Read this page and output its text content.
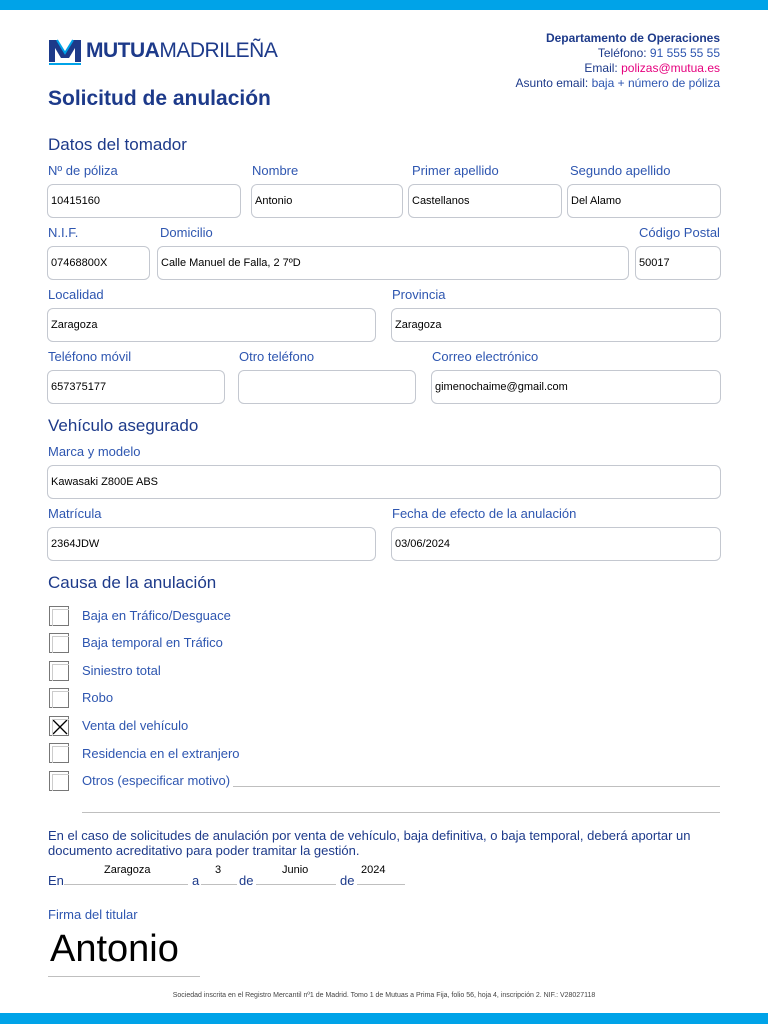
MUTUAMADRILEÑA
Departamento de Operaciones
Teléfono: 91 555 55 55
Email: polizas@mutua.es
Asunto email: baja + número de póliza
Solicitud de anulación
Datos del tomador
Nº de póliza
10415160
Nombre
Antonio
Primer apellido
Castellanos
Segundo apellido
Del Alamo
N.I.F.
07468800X
Domicilio
Calle Manuel de Falla, 2 7ºD
Código Postal
50017
Localidad
Zaragoza
Provincia
Zaragoza
Teléfono móvil
657375177
Otro teléfono	Correo electrónico
gimenochaime@gmail.com
Vehículo asegurado
Marca y modelo
Kawasaki Z800E ABS
Matrícula
2364JDW
Fecha de efecto de la anulación
03/06/2024
Causa de la anulación
Baja en Tráfico/Desguace
Baja temporal en Tráfico
Siniestro total
Robo
Venta del vehículo
Residencia en el extranjero
Otros (especificar motivo)
En el caso de solicitudes de anulación por venta de vehículo, baja definitiva, o baja temporal, deberá aportar un documento acreditativo para poder tramitar la gestión.
En
Zaragoza
a
3
de
Junio
de
2024
Firma del titular
Antonio
Sociedad inscrita en el Registro Mercantil nº1 de Madrid. Tomo 1 de Mutuas a Prima Fija, folio 56, hoja 4, inscripción 2. NIF.: V28027118
